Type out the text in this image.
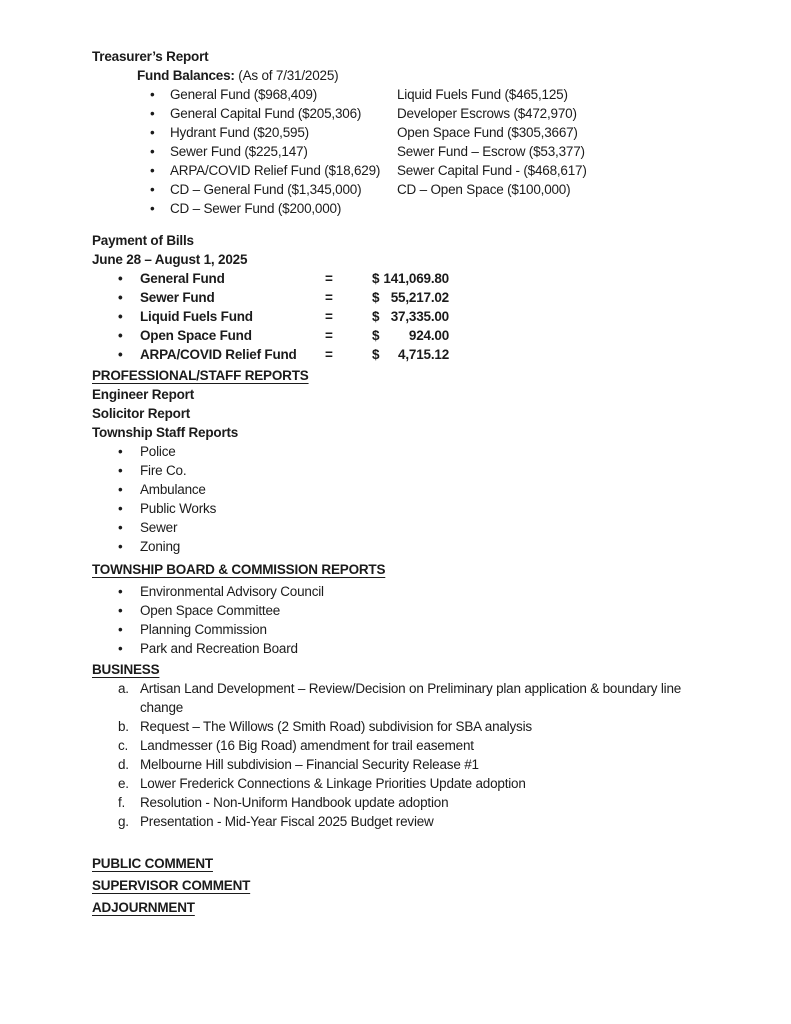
Treasurer’s Report
Fund Balances: (As of 7/31/2025)
•	General Fund ($968,409)	Liquid Fuels Fund ($465,125)
•	General Capital Fund ($205,306)	Developer Escrows ($472,970)
•	Hydrant Fund ($20,595)	Open Space Fund ($305,3667)
•	Sewer Fund ($225,147)	Sewer Fund – Escrow ($53,377)
•	ARPA/COVID Relief Fund ($18,629) Sewer Capital Fund - ($468,617)
•	CD – General Fund ($1,345,000)	CD – Open Space ($100,000)
•	CD – Sewer Fund ($200,000)
Payment of Bills
June 28 – August 1, 2025
•	General Fund	=	$ 141,069.80
•	Sewer Fund	=	$ 55,217.02
•	Liquid Fuels Fund	=	$ 37,335.00
•	Open Space Fund	=	$	924.00
•	ARPA/COVID Relief Fund	=	$	4,715.12
PROFESSIONAL/STAFF REPORTS
Engineer Report
Solicitor Report
Township Staff Reports
•	Police
•	Fire Co.
•	Ambulance
•	Public Works
•	Sewer
•	Zoning
TOWNSHIP BOARD & COMMISSION REPORTS
•	Environmental Advisory Council
•	Open Space Committee
•	Planning Commission
•	Park and Recreation Board
BUSINESS
a. Artisan Land Development – Review/Decision on Preliminary plan application & boundary line change
b. Request – The Willows (2 Smith Road) subdivision for SBA analysis
c. Landmesser (16 Big Road) amendment for trail easement
d. Melbourne Hill subdivision – Financial Security Release #1
e. Lower Frederick Connections & Linkage Priorities Update adoption
f.	Resolution - Non-Uniform Handbook update adoption
g. Presentation - Mid-Year Fiscal 2025 Budget review
PUBLIC COMMENT
SUPERVISOR COMMENT
ADJOURNMENT
